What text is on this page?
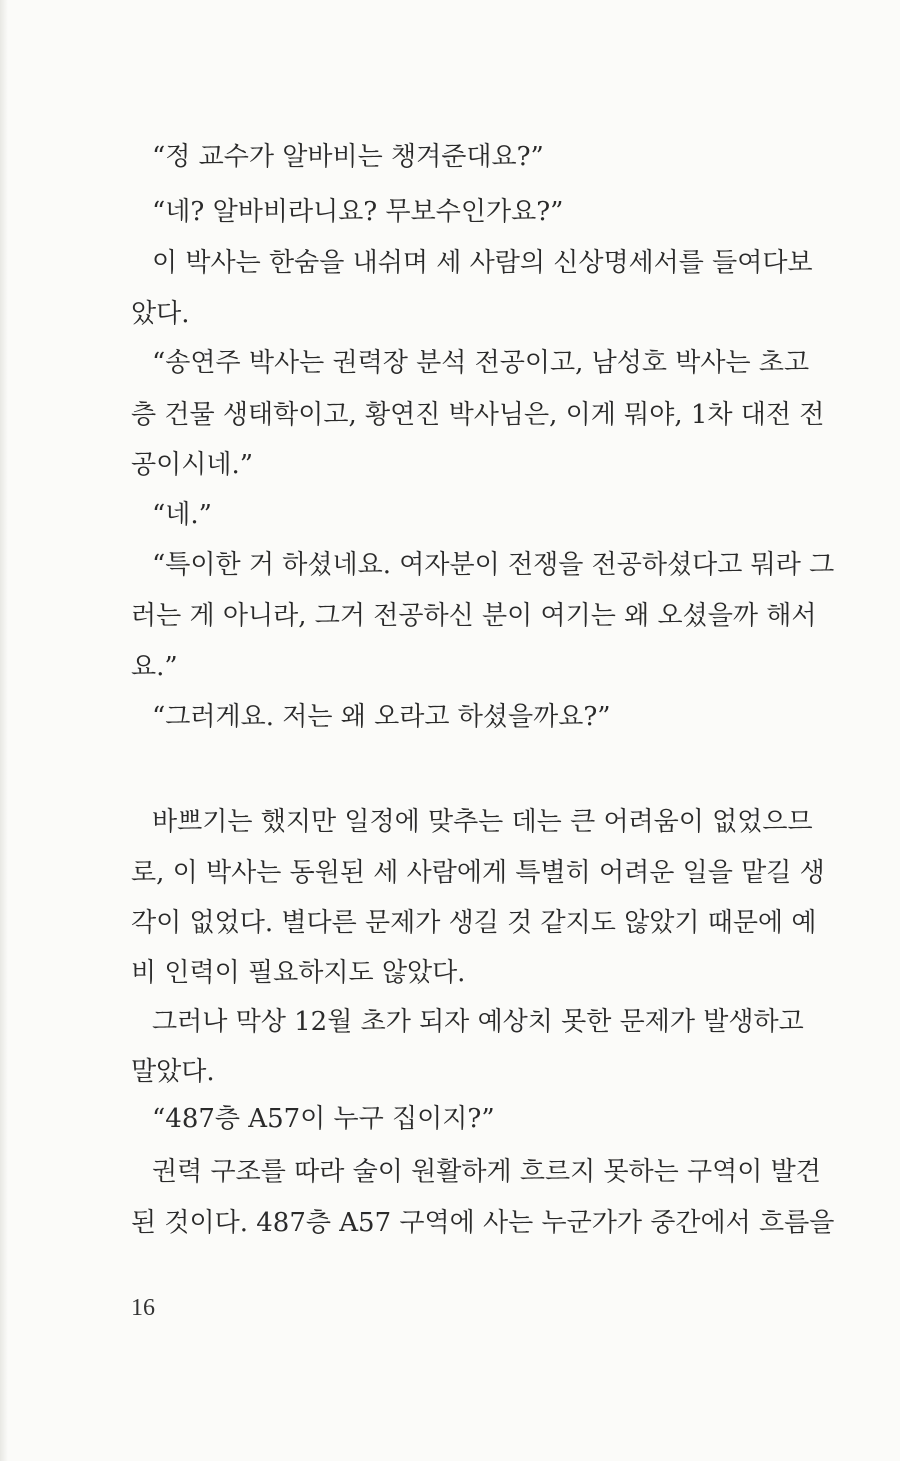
“정 교수가 알바비는 챙겨준대요?”
“네? 알바비라니요? 무보수인가요?”
이 박사는 한숨을 내쉬며 세 사람의 신상명세서를 들여다보
았다.
“송연주 박사는 권력장 분석 전공이고, 남성호 박사는 초고
층 건물 생태학이고, 황연진 박사님은, 이게 뭐야, 1차 대전 전
공이시네.”
“네.”
“특이한 거 하셨네요. 여자분이 전쟁을 전공하셨다고 뭐라 그
러는 게 아니라, 그거 전공하신 분이 여기는 왜 오셨을까 해서
요.”
“그러게요. 저는 왜 오라고 하셨을까요?”
바쁘기는 했지만 일정에 맞추는 데는 큰 어려움이 없었으므
로, 이 박사는 동원된 세 사람에게 특별히 어려운 일을 맡길 생
각이 없었다. 별다른 문제가 생길 것 같지도 않았기 때문에 예
비 인력이 필요하지도 않았다.
그러나 막상 12월 초가 되자 예상치 못한 문제가 발생하고
말았다.
“487층 A57이 누구 집이지?”
권력 구조를 따라 술이 원활하게 흐르지 못하는 구역이 발견
된 것이다. 487층 A57 구역에 사는 누군가가 중간에서 흐름을
16
